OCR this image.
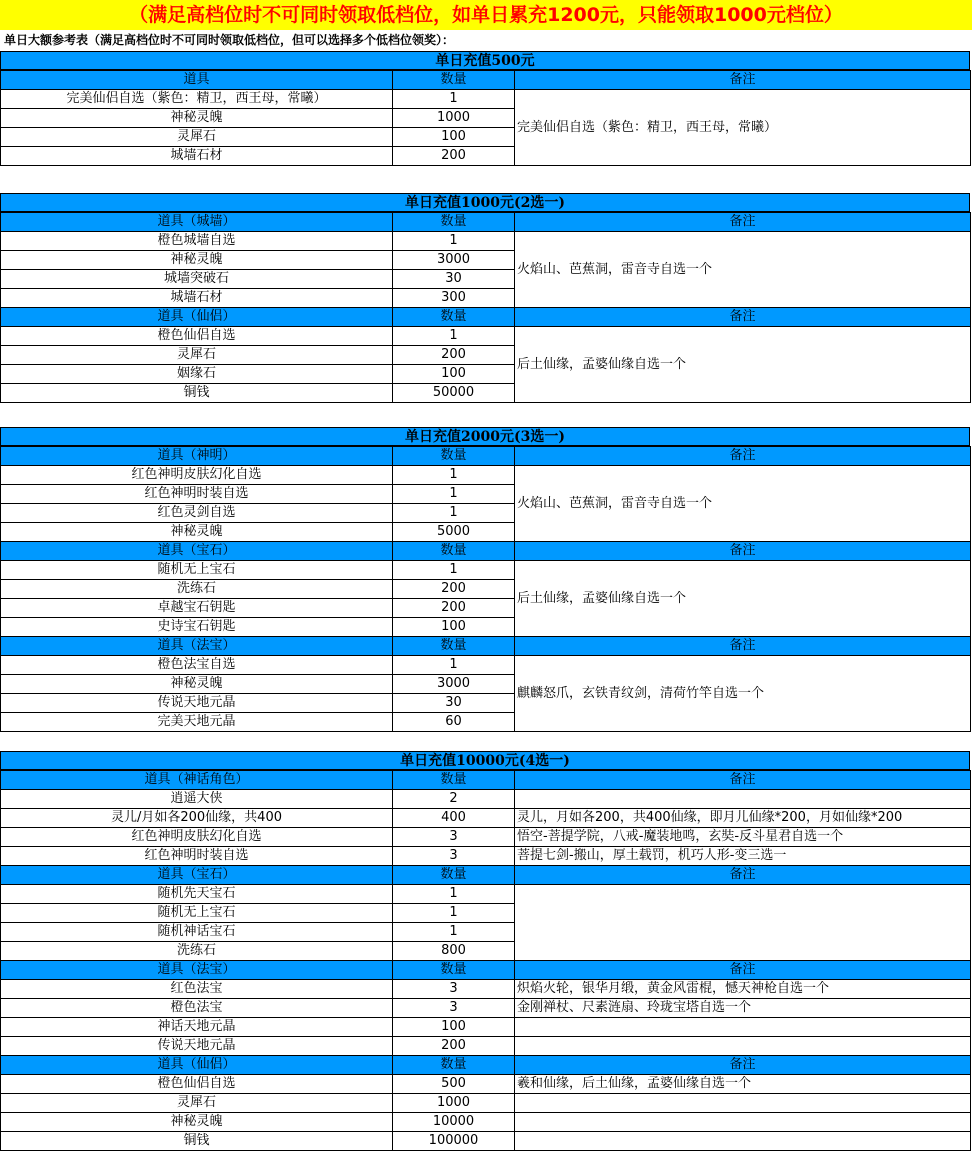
（满足高档位时不可同时领取低档位，如单日累充1200元，只能领取1000元档位）
单日大额参考表（满足高档位时不可同时领取低档位，但可以选择多个低档位领奖）：
单日充值500元
道具	数量	备注
完美仙侣自选（紫色：精卫，西王母，常曦）	1	完美仙侣自选（紫色：精卫，西王母，常曦）
神秘灵魄	1000	
灵犀石	100	
城墙石材	200	
单日充值1000元(2选一)
道具（城墙）	数量	备注
橙色城墙自选	1	火焰山、芭蕉洞，雷音寺自选一个
神秘灵魄	3000	
城墙突破石	30	
城墙石材	300	
道具（仙侣）	数量	备注
橙色仙侣自选	1	后土仙缘，孟婆仙缘自选一个
灵犀石	200	
姻缘石	100	
铜钱	50000	
单日充值2000元(3选一)
道具（神明）	数量	备注
红色神明皮肤幻化自选	1	火焰山、芭蕉洞，雷音寺自选一个
红色神明时装自选	1	
红色灵剑自选	1	
神秘灵魄	5000	
道具（宝石）	数量	备注
随机无上宝石	1	后土仙缘，孟婆仙缘自选一个
洗练石	200	
卓越宝石钥匙	200	
史诗宝石钥匙	100	
道具（法宝）	数量	备注
橙色法宝自选	1	麒麟怒爪，玄铁青纹剑，清荷竹竿自选一个
神秘灵魄	3000	
传说天地元晶	30	
完美天地元晶	60	
单日充值10000元(4选一)
道具（神话角色）	数量	备注
逍遥大侠	2	
灵儿/月如各200仙缘，共400	400	灵儿，月如各200，共400仙缘，即月儿仙缘*200，月如仙缘*200
红色神明皮肤幻化自选	3	悟空-菩提学院，八戒-魔装地鸣，玄奘-反斗星君自选一个
红色神明时装自选	3	菩提七剑-搬山，厚土载罚，机巧人形-变三选一
道具（宝石）	数量	备注
随机先天宝石	1	
随机无上宝石	1	
随机神话宝石	1	
洗练石	800	
道具（法宝）	数量	备注
红色法宝	3	炽焰火轮，银华月缎，黄金风雷棍，憾天神枪自选一个
橙色法宝	3	金刚禅杖、尺素涟扇、玲珑宝塔自选一个
神话天地元晶	100	
传说天地元晶	200	
道具（仙侣）	数量	备注
橙色仙侣自选	500	羲和仙缘，后土仙缘，孟婆仙缘自选一个
灵犀石	1000	
神秘灵魄	10000	
铜钱	100000	
